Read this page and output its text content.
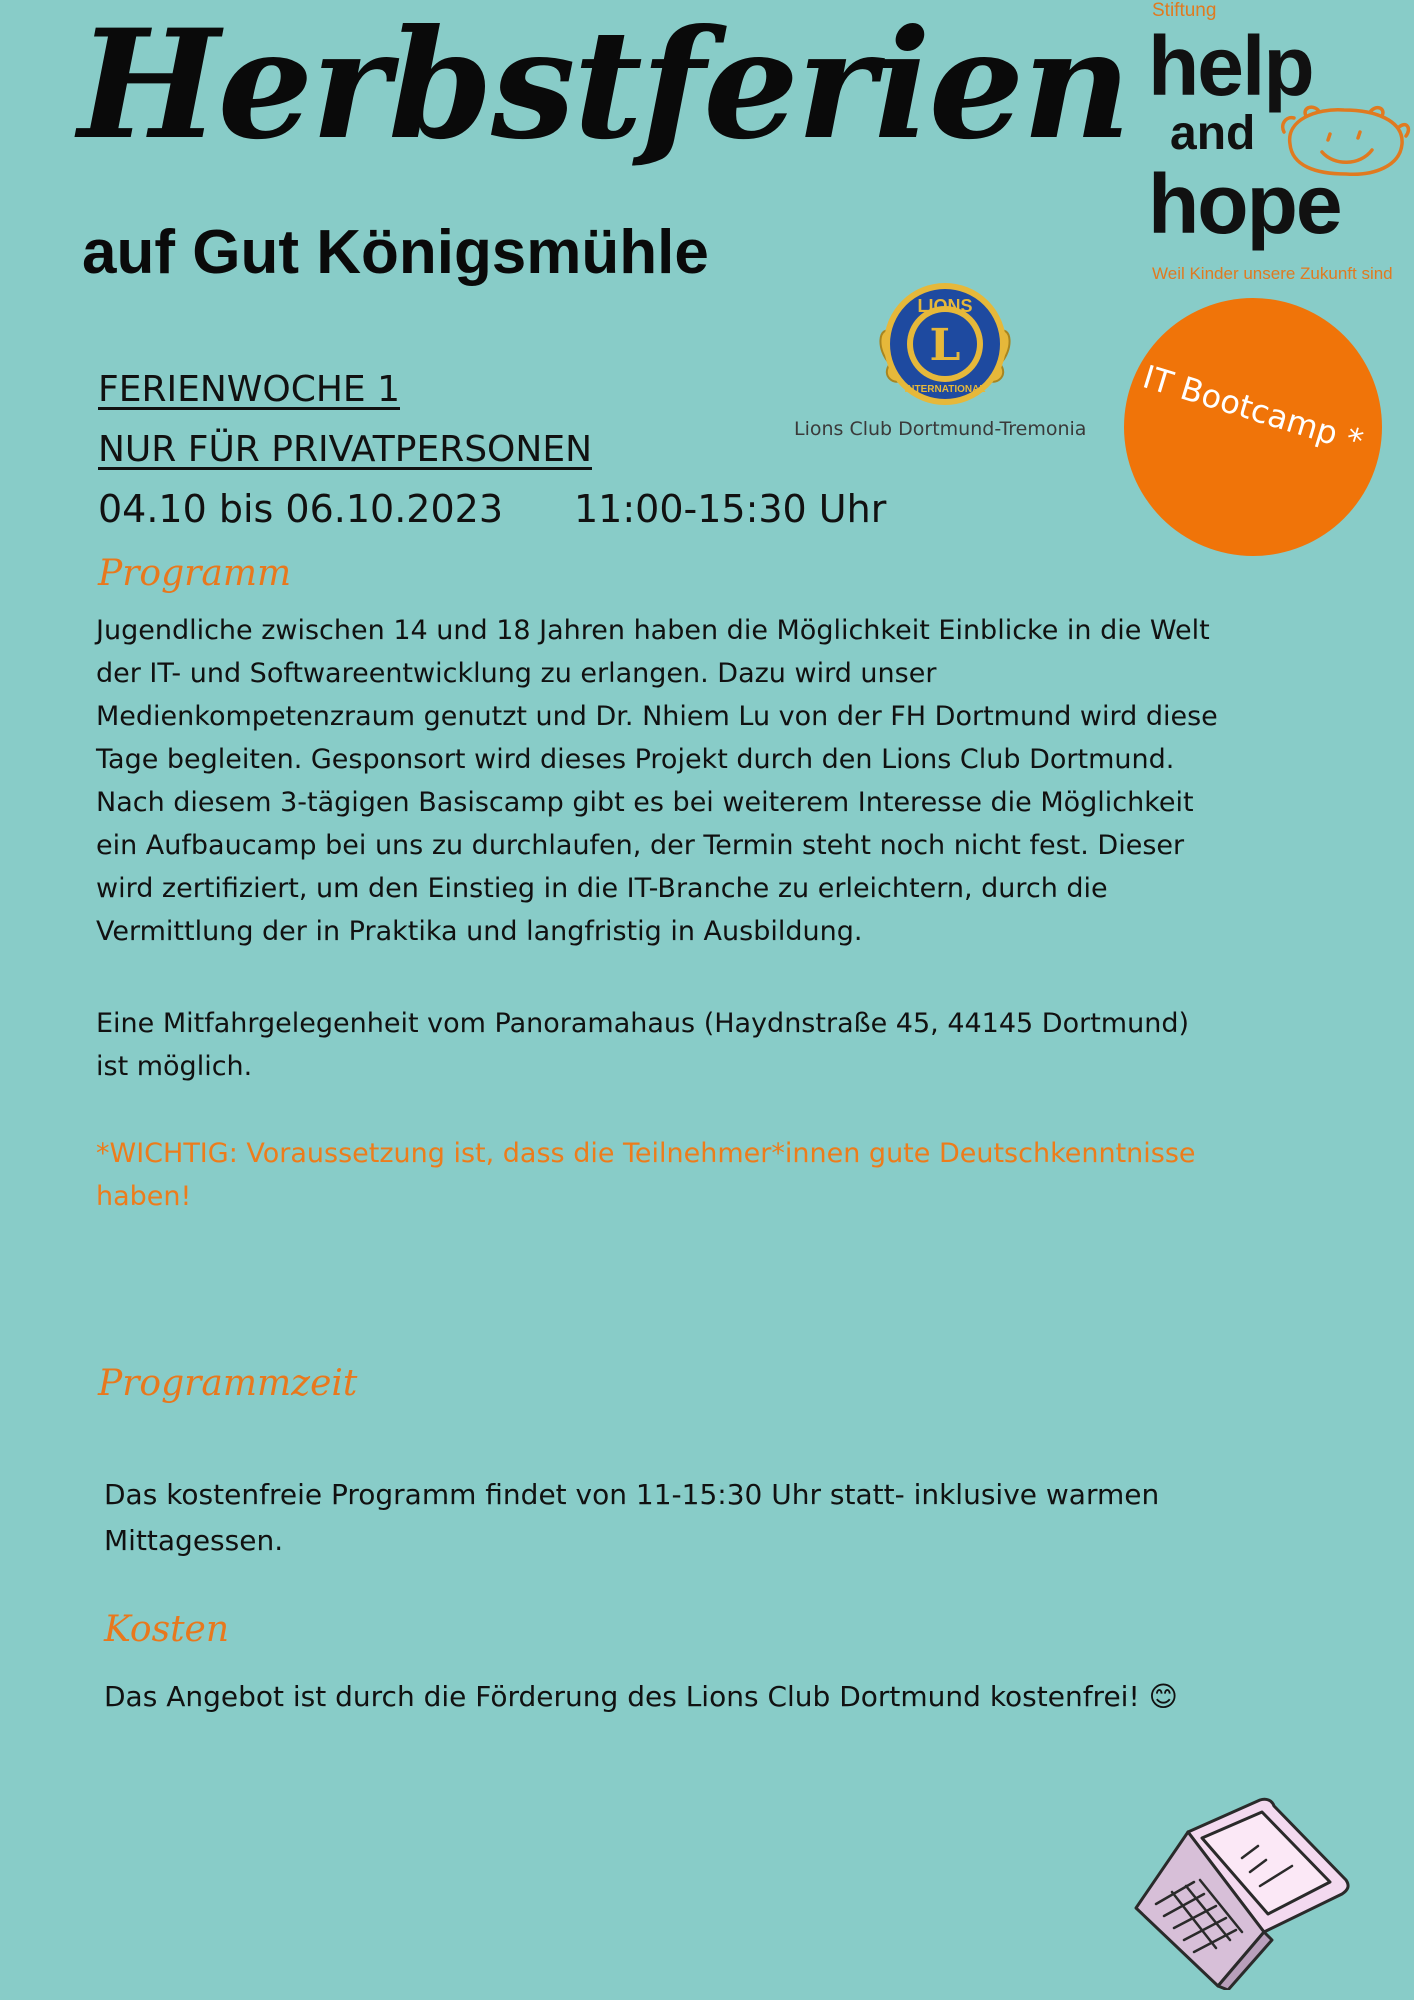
Herbstferien
auf Gut Königsmühle
Stiftung
help
and
hope
Weil Kinder unsere Zukunft sind
LIONS
L
INTERNATIONAL
Lions Club Dortmund-Tremonia	IT Bootcamp *
FERIENWOCHE 1
NUR FÜR PRIVATPERSONEN
04.10 bis 06.10.2023 11:00-15:30 Uhr
Programm
Jugendliche zwischen 14 und 18 Jahren haben die Möglichkeit Einblicke in die Welt
der IT- und Softwareentwicklung zu erlangen. Dazu wird unser
Medienkompetenzraum genutzt und Dr. Nhiem Lu von der FH Dortmund wird diese
Tage begleiten. Gesponsort wird dieses Projekt durch den Lions Club Dortmund.
Nach diesem 3-tägigen Basiscamp gibt es bei weiterem Interesse die Möglichkeit
ein Aufbaucamp bei uns zu durchlaufen, der Termin steht noch nicht fest. Dieser
wird zertifiziert, um den Einstieg in die IT-Branche zu erleichtern, durch die
Vermittlung der in Praktika und langfristig in Ausbildung.
Eine Mitfahrgelegenheit vom Panoramahaus (Haydnstraße 45, 44145 Dortmund)
ist möglich.
*WICHTIG: Voraussetzung ist, dass die Teilnehmer*innen gute Deutschkenntnisse
haben!
Programmzeit
Das kostenfreie Programm findet von 11-15:30 Uhr statt- inklusive warmen
Mittagessen.
Kosten
Das Angebot ist durch die Förderung des Lions Club Dortmund kostenfrei! 😊
